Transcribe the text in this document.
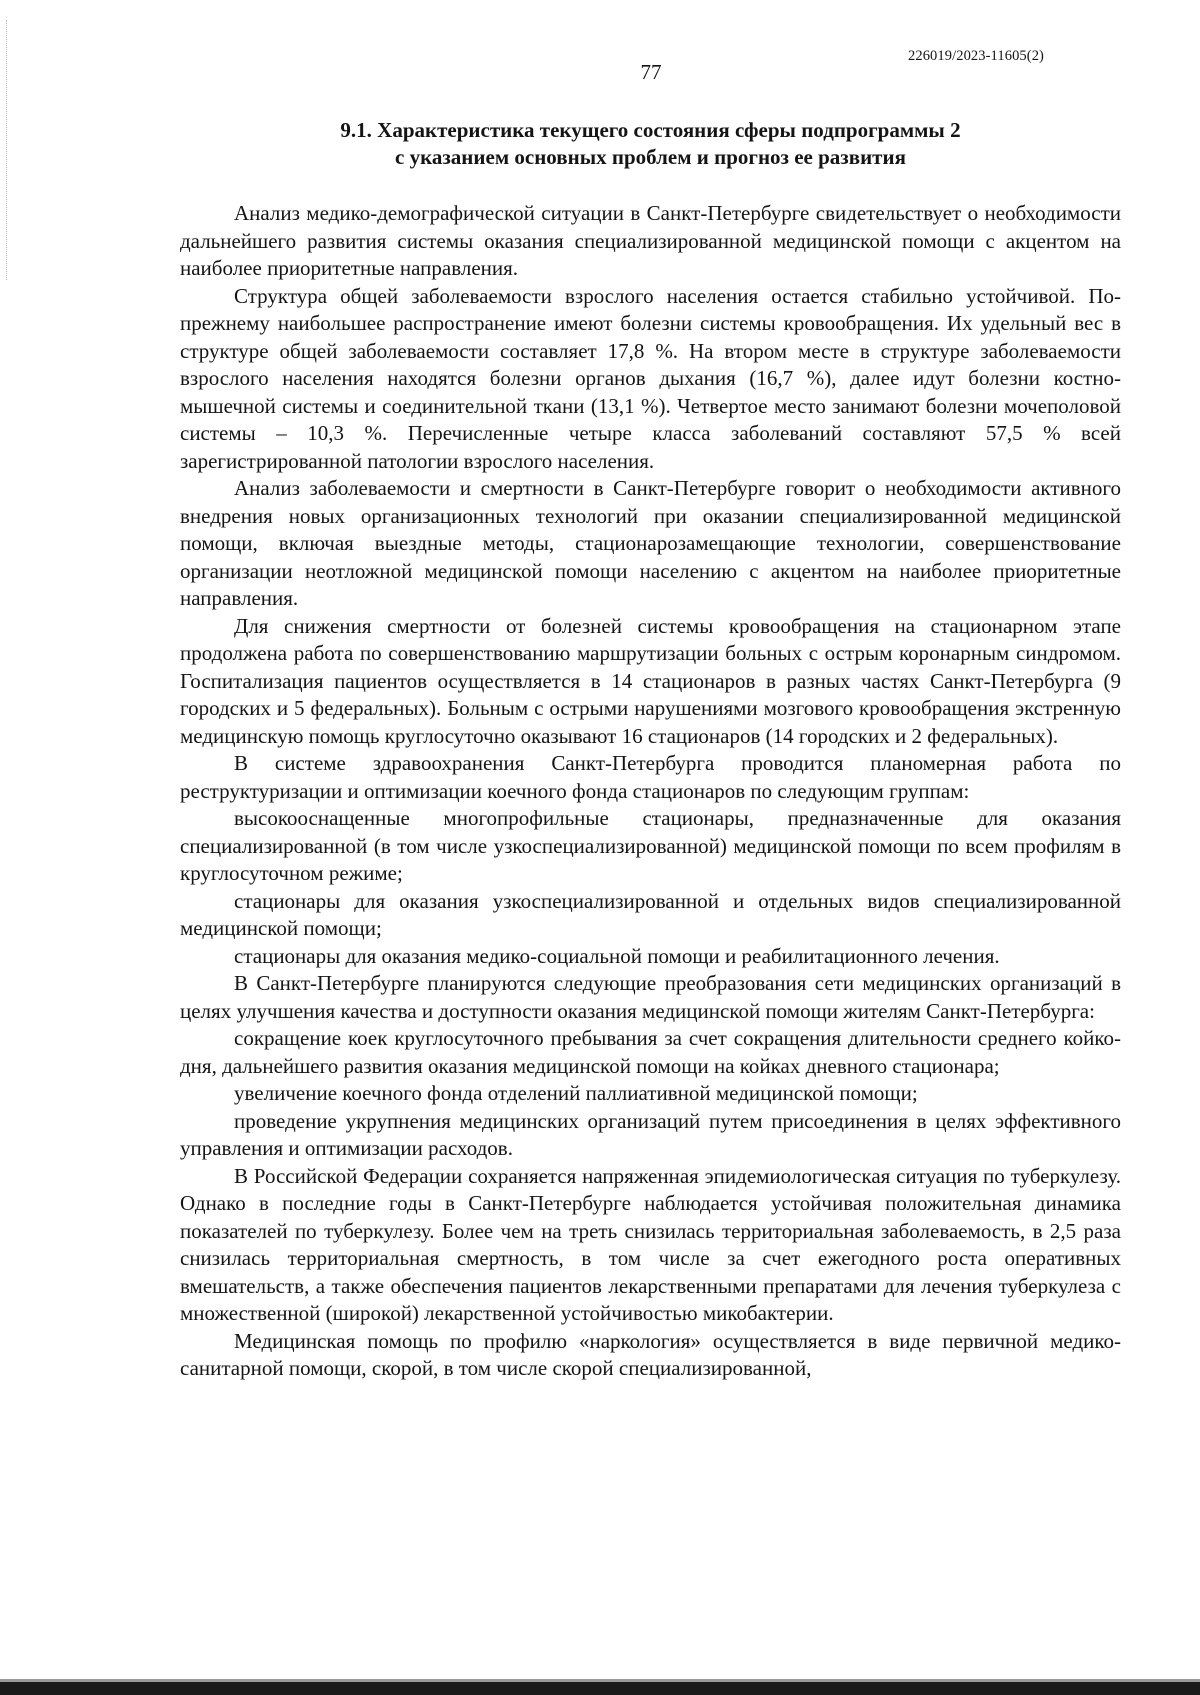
226019/2023-11605(2)
77
9.1. Характеристика текущего состояния сферы подпрограммы 2
с указанием основных проблем и прогноз ее развития

Анализ медико-демографической ситуации в Санкт-Петербурге свидетельствует о необходимости дальнейшего развития системы оказания специализированной медицинской помощи с акцентом на наиболее приоритетные направления.

Структура общей заболеваемости взрослого населения остается стабильно устойчивой. По-прежнему наибольшее распространение имеют болезни системы кровообращения. Их удельный вес в структуре общей заболеваемости составляет 17,8 %. На втором месте в структуре заболеваемости взрослого населения находятся болезни органов дыхания (16,7 %), далее идут болезни костно-мышечной системы и соединительной ткани (13,1 %). Четвертое место занимают болезни мочеполовой системы – 10,3 %. Перечисленные четыре класса заболеваний составляют 57,5 % всей зарегистрированной патологии взрослого населения.

Анализ заболеваемости и смертности в Санкт-Петербурге говорит о необходимости активного внедрения новых организационных технологий при оказании специализированной медицинской помощи, включая выездные методы, стационарозамещающие технологии, совершенствование организации неотложной медицинской помощи населению с акцентом на наиболее приоритетные направления.

Для снижения смертности от болезней системы кровообращения на стационарном этапе продолжена работа по совершенствованию маршрутизации больных с острым коронарным синдромом. Госпитализация пациентов осуществляется в 14 стационаров в разных частях Санкт-Петербурга (9 городских и 5 федеральных). Больным с острыми нарушениями мозгового кровообращения экстренную медицинскую помощь круглосуточно оказывают 16 стационаров (14 городских и 2 федеральных).

В системе здравоохранения Санкт-Петербурга проводится планомерная работа по реструктуризации и оптимизации коечного фонда стационаров по следующим группам:

высокооснащенные многопрофильные стационары, предназначенные для оказания специализированной (в том числе узкоспециализированной) медицинской помощи по всем профилям в круглосуточном режиме;

стационары для оказания узкоспециализированной и отдельных видов специализированной медицинской помощи;

стационары для оказания медико-социальной помощи и реабилитационного лечения.

В Санкт-Петербурге планируются следующие преобразования сети медицинских организаций в целях улучшения качества и доступности оказания медицинской помощи жителям Санкт-Петербурга:

сокращение коек круглосуточного пребывания за счет сокращения длительности среднего койко-дня, дальнейшего развития оказания медицинской помощи на койках дневного стационара;

увеличение коечного фонда отделений паллиативной медицинской помощи;

проведение укрупнения медицинских организаций путем присоединения в целях эффективного управления и оптимизации расходов.

В Российской Федерации сохраняется напряженная эпидемиологическая ситуация по туберкулезу. Однако в последние годы в Санкт-Петербурге наблюдается устойчивая положительная динамика показателей по туберкулезу. Более чем на треть снизилась территориальная заболеваемость, в 2,5 раза снизилась территориальная смертность, в том числе за счет ежегодного роста оперативных вмешательств, а также обеспечения пациентов лекарственными препаратами для лечения туберкулеза с множественной (широкой) лекарственной устойчивостью микобактерии.

Медицинская помощь по профилю «наркология» осуществляется в виде первичной медико-санитарной помощи, скорой, в том числе скорой специализированной,
